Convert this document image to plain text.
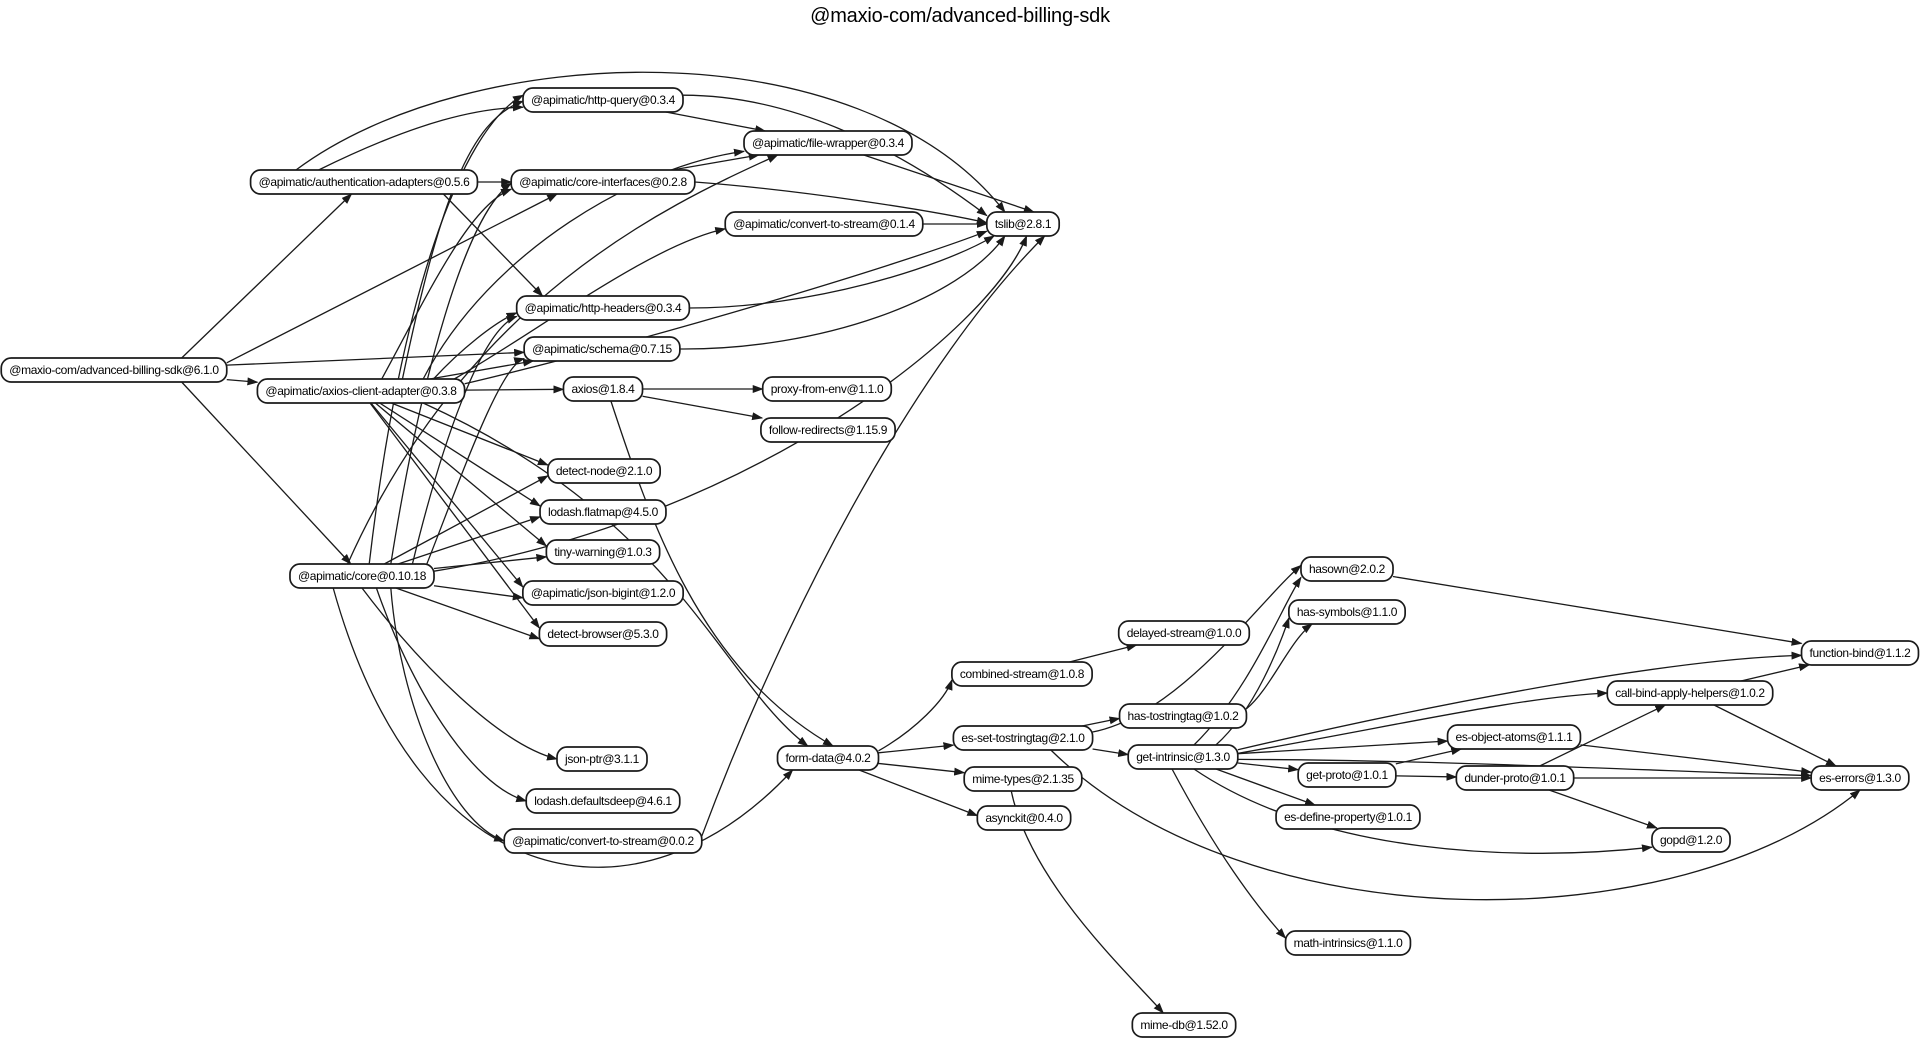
@maxio-com/advanced-billing-sdk
@maxio-com/advanced-billing-sdk@6.1.0
@apimatic/authentication-adapters@0.5.6
@apimatic/http-query@0.3.4
@apimatic/file-wrapper@0.3.4
@apimatic/core-interfaces@0.2.8
@apimatic/convert-to-stream@0.1.4	tslib@2.8.1
@apimatic/http-headers@0.3.4
@apimatic/schema@0.7.15
@apimatic/axios-client-adapter@0.3.8	axios@1.8.4	proxy-from-env@1.1.0
follow-redirects@1.15.9
detect-node@2.1.0
lodash.flatmap@4.5.0
tiny-warning@1.0.3
@apimatic/json-bigint@1.2.0
detect-browser@5.3.0
@apimatic/core@0.10.18
json-ptr@3.1.1
lodash.defaultsdeep@4.6.1
@apimatic/convert-to-stream@0.0.2
form-data@4.0.2
combined-stream@1.0.8
delayed-stream@1.0.0
es-set-tostringtag@2.1.0
mime-types@2.1.35
asynckit@0.4.0
hasown@2.0.2
has-symbols@1.1.0
has-tostringtag@1.0.2
get-intrinsic@1.3.0
function-bind@1.1.2
call-bind-apply-helpers@1.0.2
es-object-atoms@1.1.1
get-proto@1.0.1	dunder-proto@1.0.1	es-errors@1.3.0
es-define-property@1.0.1
gopd@1.2.0
math-intrinsics@1.1.0
mime-db@1.52.0
